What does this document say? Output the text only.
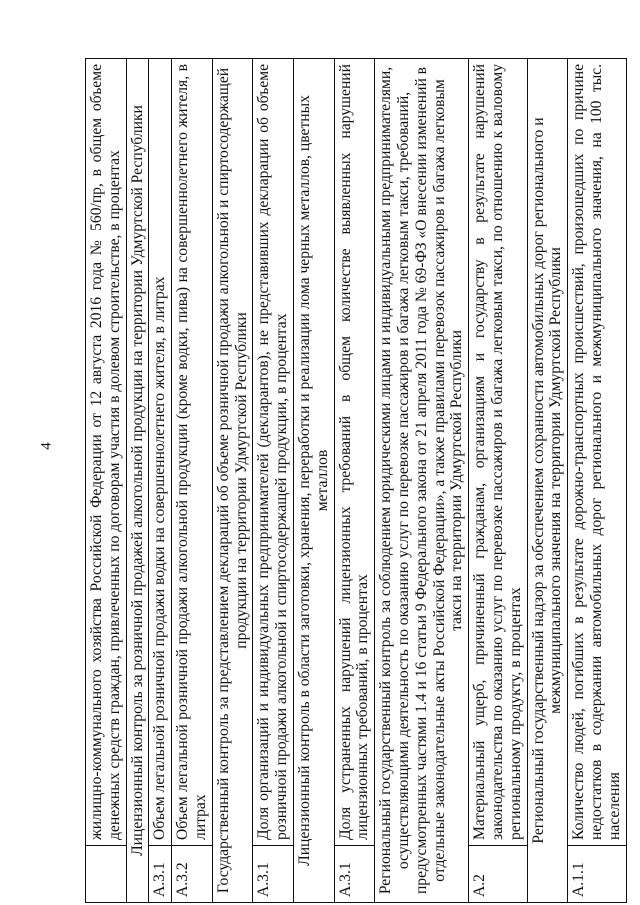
4
	жилищно-коммунального хозяйства Российской Федерации от 12 августа 2016 года № 560/пр, в общем объеме денежных средств граждан, привлеченных по договорам участия в долевом строительстве, в процентах
Лицензионный контроль за розничной продажей алкогольной продукции на территории Удмуртской Республики	
А.3.1	Объем легальной розничной продажи водки на совершеннолетнего жителя, в литрах
А.3.2	Объем легальной розничной продажи алкогольной продукции (кроме водки, пива) на совершеннолетнего жителя, в литрах
Государственный контроль за представлением деклараций об объеме розничной продажи алкогольной и спиртосодержащей продукции на территории Удмуртской Республики	
А.3.1	Доля организаций и индивидуальных предпринимателей (декларантов), не представивших декларации об объеме розничной продажи алкогольной и спиртосодержащей продукции, в процентах
Лицензионный контроль в области заготовки, хранения, переработки и реализации лома черных металлов, цветных металлов	
А.3.1	Доля устраненных нарушений лицензионных требований в общем количестве выявленных нарушений лицензионных требований, в процентах
Региональный государственный контроль за соблюдением юридическими лицами и индивидуальными предпринимателями, осуществляющими деятельность по оказанию услуг по перевозке пассажиров и багажа легковым такси, требований, предусмотренных частями 1.4 и 16 статьи 9 Федерального закона от 21 апреля 2011 года № 69-ФЗ «О внесении изменений в отдельные законодательные акты Российской Федерации», а также правилами перевозок пассажиров и багажа легковым такси на территории Удмуртской Республики	
А.2	Материальный ущерб, причиненный гражданам, организациям и государству в результате нарушений законодательства по оказанию услуг по перевозке пассажиров и багажа легковым такси, по отношению к валовому региональному продукту, в процентах
Региональный государственный надзор за обеспечением сохранности автомобильных дорог регионального и межмуниципального значения на территории Удмуртской Республики	
А.1.1	Количество людей, погибших в результате дорожно-транспортных происшествий, произошедших по причине недостатков в содержании автомобильных дорог регионального и межмуниципального значения, на 100 тыс. населения
